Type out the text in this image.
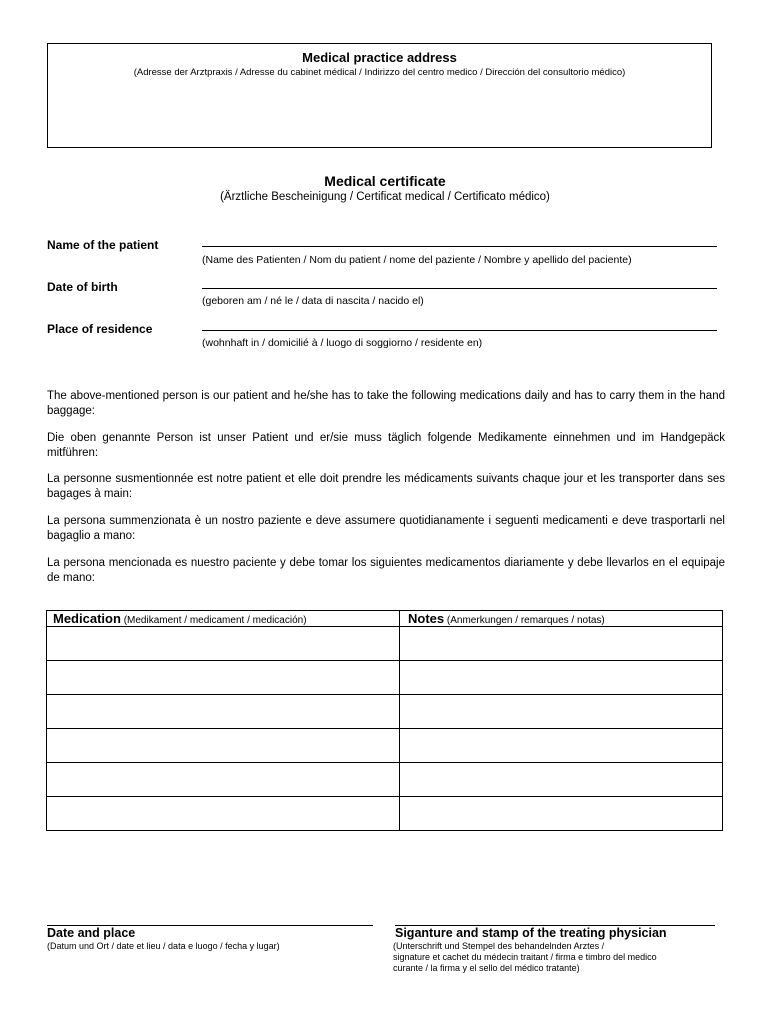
Medical practice address
(Adresse der Arztpraxis / Adresse du cabinet médical / Indirizzo del centro medico / Dirección del consultorio médico)
Medical certificate
(Ärztliche Bescheinigung / Certificat medical / Certificato médico)
Name of the patient
(Name des Patienten / Nom du patient / nome del paziente / Nombre y apellido del paciente)
Date of birth
(geboren am / né le / data di nascita / nacido el)
Place of residence
(wohnhaft in / domicilié à / luogo di soggiorno / residente en)

The above-mentioned person is our patient and he/she has to take the following medications daily and has to carry them in the hand baggage:

Die oben genannte Person ist unser Patient und er/sie muss täglich folgende Medikamente einnehmen und im Handgepäck mitführen:

La personne susmentionnée est notre patient et elle doit prendre les médicaments suivants chaque jour et les transporter dans ses bagages à main:

La persona summenzionata è un nostro paziente e deve assumere quotidianamente i seguenti medicamenti e deve trasportarli nel bagaglio a mano:

La persona mencionada es nuestro paciente y debe tomar los siguientes medicamentos diariamente y debe llevarlos en el equipaje de mano:

Medication (Medikament / medicament / medicación)	Notes (Anmerkungen / remarques / notas)
Date and place
(Datum und Ort / date et lieu / data e luogo / fecha y lugar)
Siganture and stamp of the treating physician
(Unterschrift und Stempel des behandelnden Arztes /
signature et cachet du médecin traitant / firma e timbro del medico
curante / la firma y el sello del médico tratante)
